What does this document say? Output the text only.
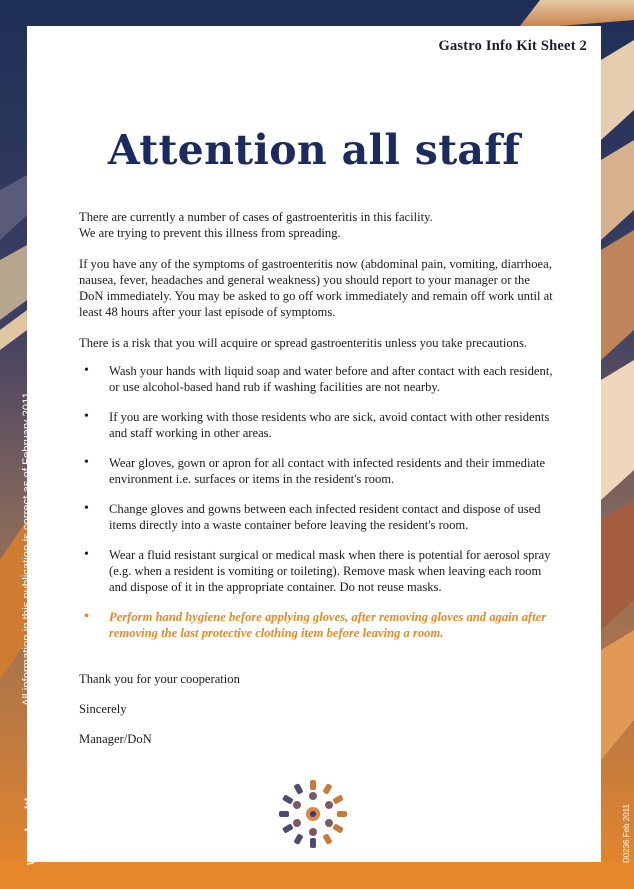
Gastro Info Kit Sheet 2
Attention all staff

There are currently a number of cases of gastroenteritis in this facility.
We are trying to prevent this illness from spreading.

If you have any of the symptoms of gastroenteritis now (abdominal pain, vomiting, diarrhoea, nausea, fever, headaches and general weakness) you should report to your manager or the DoN immediately. You may be asked to go off work immediately and remain off work until at least 48 hours after your last episode of symptoms.

There is a risk that you will acquire or spread gastroenteritis unless you take precautions.

• Wash your hands with liquid soap and water before and after contact with each resident, or use alcohol-based hand rub if washing facilities are not nearby.
• If you are working with those residents who are sick, avoid contact with other residents and staff working in other areas.
• Wear gloves, gown or apron for all contact with infected residents and their immediate environment i.e. surfaces or items in the resident's room.
• Change gloves and gowns between each infected resident contact and dispose of used items directly into a waste container before leaving the resident's room.
• Wear a fluid resistant surgical or medical mask when there is potential for aerosol spray (e.g. when a resident is vomiting or toileting). Remove mask when leaving each room and dispose of it in the appropriate container. Do not reuse masks.
• Perform hand hygiene before applying gloves, after removing gloves and again after removing the last protective clothing item before leaving a room.

Thank you for your cooperation

Sincerely

Manager/DoN

All information in this publication is correct as of February 2011
www.health.gov.au	D0236 Feb 2011
